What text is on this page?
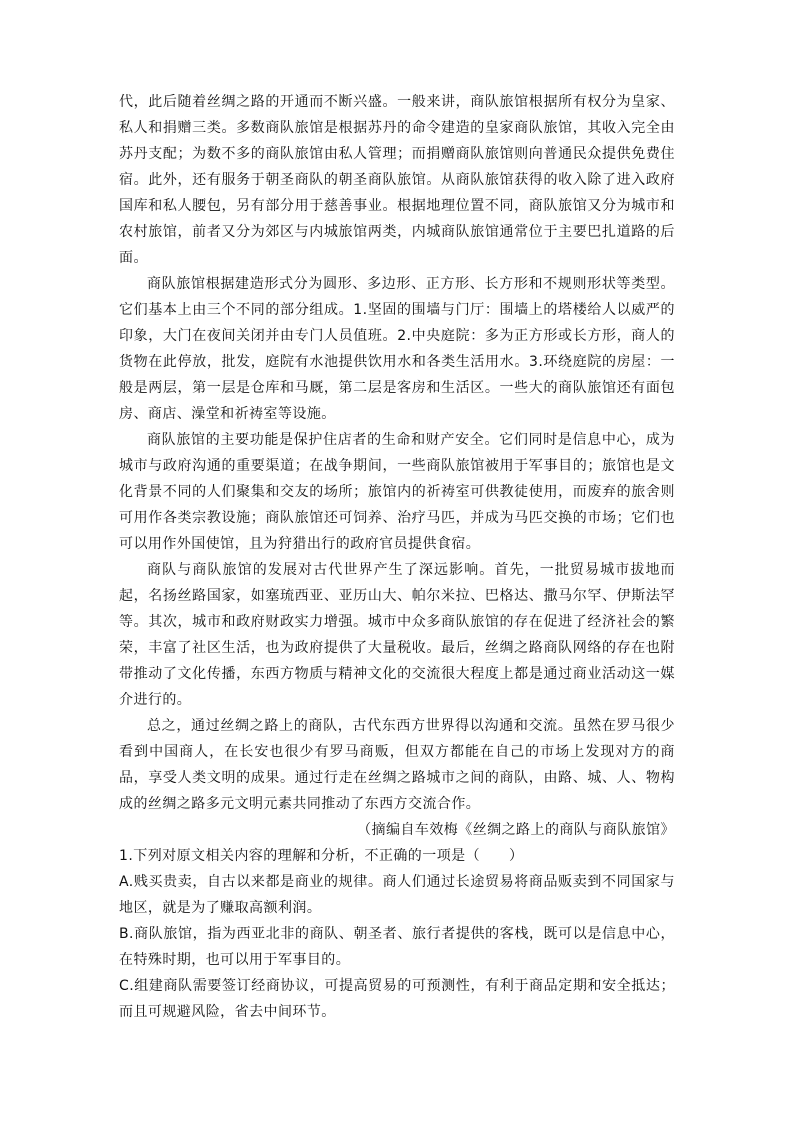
代，此后随着丝绸之路的开通而不断兴盛。一般来讲，商队旅馆根据所有权分为皇家、私人和捐赠三类。多数商队旅馆是根据苏丹的命令建造的皇家商队旅馆，其收入完全由苏丹支配；为数不多的商队旅馆由私人管理；而捐赠商队旅馆则向普通民众提供免费住宿。此外，还有服务于朝圣商队的朝圣商队旅馆。从商队旅馆获得的收入除了进入政府国库和私人腰包，另有部分用于慈善事业。根据地理位置不同，商队旅馆又分为城市和农村旅馆，前者又分为郊区与内城旅馆两类，内城商队旅馆通常位于主要巴扎道路的后面。

商队旅馆根据建造形式分为圆形、多边形、正方形、长方形和不规则形状等类型。它们基本上由三个不同的部分组成。1.坚固的围墙与门厅：围墙上的塔楼给人以威严的印象，大门在夜间关闭并由专门人员值班。2.中央庭院：多为正方形或长方形，商人的货物在此停放，批发，庭院有水池提供饮用水和各类生活用水。3.环绕庭院的房屋：一般是两层，第一层是仓库和马厩，第二层是客房和生活区。一些大的商队旅馆还有面包房、商店、澡堂和祈祷室等设施。

商队旅馆的主要功能是保护住店者的生命和财产安全。它们同时是信息中心，成为城市与政府沟通的重要渠道；在战争期间，一些商队旅馆被用于军事目的；旅馆也是文化背景不同的人们聚集和交友的场所；旅馆内的祈祷室可供教徒使用，而废弃的旅舍则可用作各类宗教设施；商队旅馆还可饲养、治疗马匹，并成为马匹交换的市场；它们也可以用作外国使馆，且为狩猎出行的政府官员提供食宿。

商队与商队旅馆的发展对古代世界产生了深远影响。首先，一批贸易城市拔地而起，名扬丝路国家，如塞琉西亚、亚历山大、帕尔米拉、巴格达、撒马尔罕、伊斯法罕等。其次，城市和政府财政实力增强。城市中众多商队旅馆的存在促进了经济社会的繁荣，丰富了社区生活，也为政府提供了大量税收。最后，丝绸之路商队网络的存在也附带推动了文化传播，东西方物质与精神文化的交流很大程度上都是通过商业活动这一媒介进行的。

总之，通过丝绸之路上的商队，古代东西方世界得以沟通和交流。虽然在罗马很少看到中国商人，在长安也很少有罗马商贩，但双方都能在自己的市场上发现对方的商品，享受人类文明的成果。通过行走在丝绸之路城市之间的商队，由路、城、人、物构成的丝绸之路多元文明元素共同推动了东西方交流合作。

（摘编自车效梅《丝绸之路上的商队与商队旅馆》

1.下列对原文相关内容的理解和分析，不正确的一项是（　　）

A.贱买贵卖，自古以来都是商业的规律。商人们通过长途贸易将商品贩卖到不同国家与地区，就是为了赚取高额利润。

B.商队旅馆，指为西亚北非的商队、朝圣者、旅行者提供的客栈，既可以是信息中心，在特殊时期，也可以用于军事目的。

C.组建商队需要签订经商协议，可提高贸易的可预测性，有利于商品定期和安全抵达；而且可规避风险，省去中间环节。
